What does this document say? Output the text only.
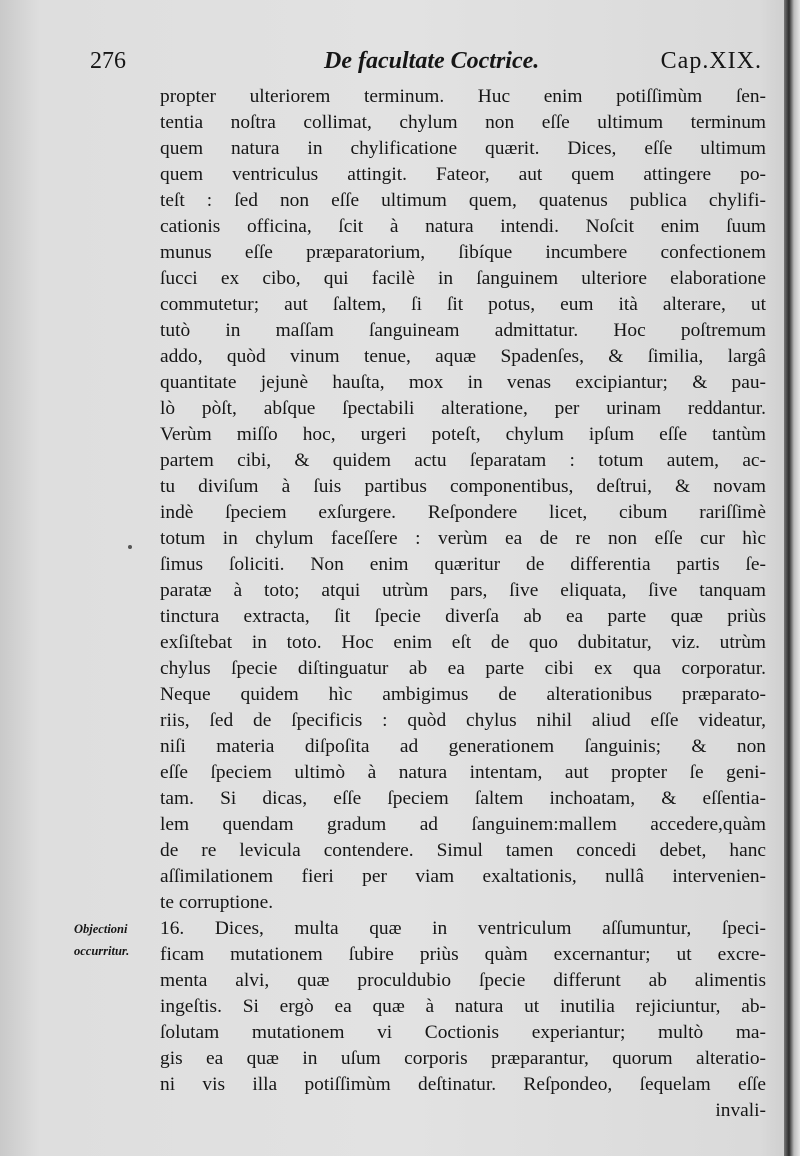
276	De facultate Coctrice.	Cap.XIX.
Objectioni
occurritur.
propter ulteriorem terminum. Huc enim potiſſimùm ſen-
tentia noſtra collimat, chylum non eſſe ultimum terminum
quem natura in chylificatione quærit. Dices, eſſe ultimum
quem ventriculus attingit. Fateor, aut quem attingere po-
teſt : ſed non eſſe ultimum quem, quatenus publica chylifi-
cationis officina, ſcit à natura intendi. Noſcit enim ſuum
munus eſſe præparatorium, ſibíque incumbere confectionem
ſucci ex cibo, qui facilè in ſanguinem ulteriore elaboratione
commutetur; aut ſaltem, ſi ſit potus, eum ità alterare, ut
tutò in maſſam ſanguineam admittatur. Hoc poſtremum
addo, quòd vinum tenue, aquæ Spadenſes, & ſimilia, largâ
quantitate jejunè hauſta, mox in venas excipiantur; & pau-
lò pòſt, abſque ſpectabili alteratione, per urinam reddantur.
Verùm miſſo hoc, urgeri poteſt, chylum ipſum eſſe tantùm
partem cibi, & quidem actu ſeparatam : totum autem, ac-
tu diviſum à ſuis partibus componentibus, deſtrui, & novam
indè ſpeciem exſurgere. Reſpondere licet, cibum rariſſimè
totum in chylum faceſſere : verùm ea de re non eſſe cur hìc
ſimus ſoliciti. Non enim quæritur de differentia partis ſe-
paratæ à toto; atqui utrùm pars, ſive eliquata, ſive tanquam
tinctura extracta, ſit ſpecie diverſa ab ea parte quæ priùs
exſiſtebat in toto. Hoc enim eſt de quo dubitatur, viz. utrùm
chylus ſpecie diſtinguatur ab ea parte cibi ex qua corporatur.
Neque quidem hìc ambigimus de alterationibus præparato-
riis, ſed de ſpecificis : quòd chylus nihil aliud eſſe videatur,
niſi materia diſpoſita ad generationem ſanguinis; & non
eſſe ſpeciem ultimò à natura intentam, aut propter ſe geni-
tam. Si dicas, eſſe ſpeciem ſaltem inchoatam, & eſſentia-
lem quendam gradum ad ſanguinem:mallem accedere,quàm
de re levicula contendere. Simul tamen concedi debet, hanc
aſſimilationem fieri per viam exaltationis, nullâ intervenien-
te corruptione.
16. Dices, multa quæ in ventriculum aſſumuntur, ſpeci-
ficam mutationem ſubire priùs quàm excernantur; ut excre-
menta alvi, quæ proculdubio ſpecie differunt ab alimentis
ingeſtis. Si ergò ea quæ à natura ut inutilia rejiciuntur, ab-
ſolutam mutationem vi Coctionis experiantur; multò ma-
gis ea quæ in uſum corporis præparantur, quorum alteratio-
ni vis illa potiſſimùm deſtinatur. Reſpondeo, ſequelam eſſe
invali-
